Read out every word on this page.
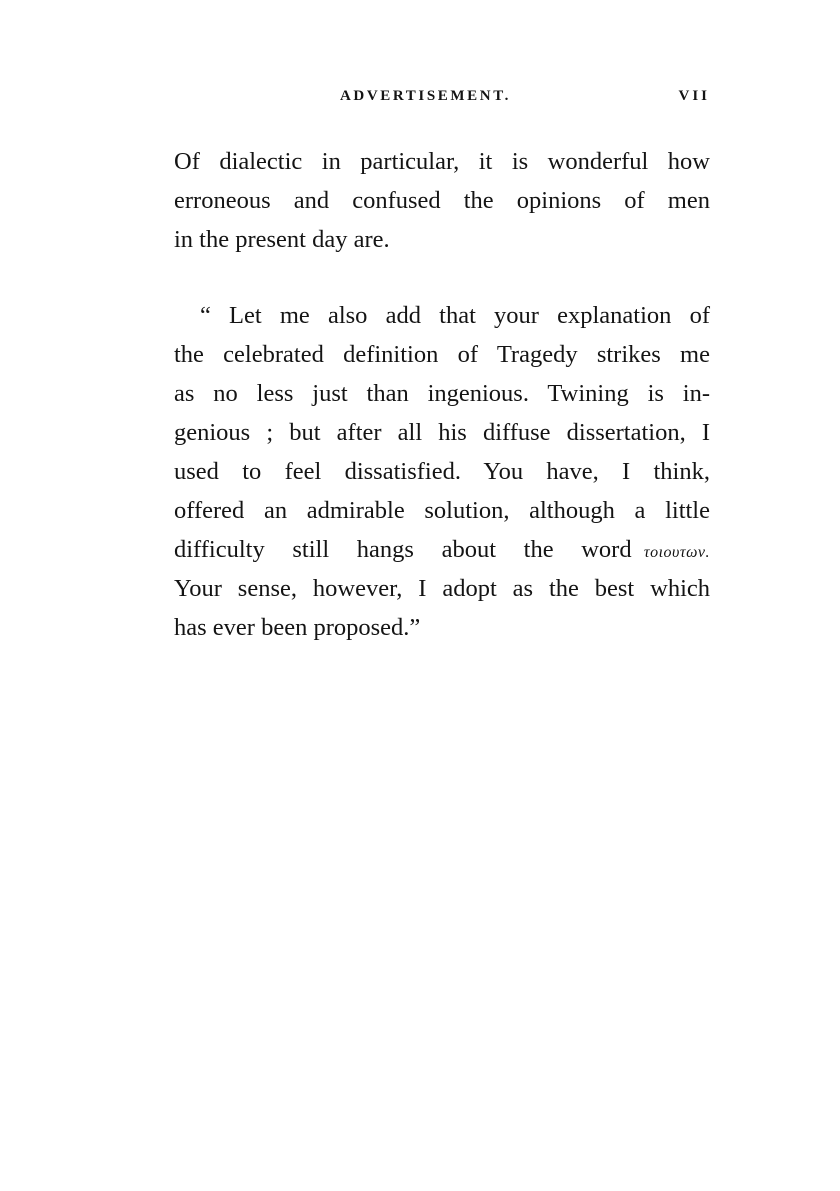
ADVERTISEMENT.	VII
Of dialectic in particular, it is wonderful how
erroneous and confused the opinions of men
in the present day are.
“ Let me also add that your explanation of
the celebrated definition of Tragedy strikes me
as no less just than ingenious. Twining is in-
genious ; but after all his diffuse dissertation, I
used to feel dissatisfied. You have, I think,
offered an admirable solution, although a little
difficulty still hangs about the word  τοιουτων.
Your sense, however, I adopt as the best which
has ever been proposed.”
